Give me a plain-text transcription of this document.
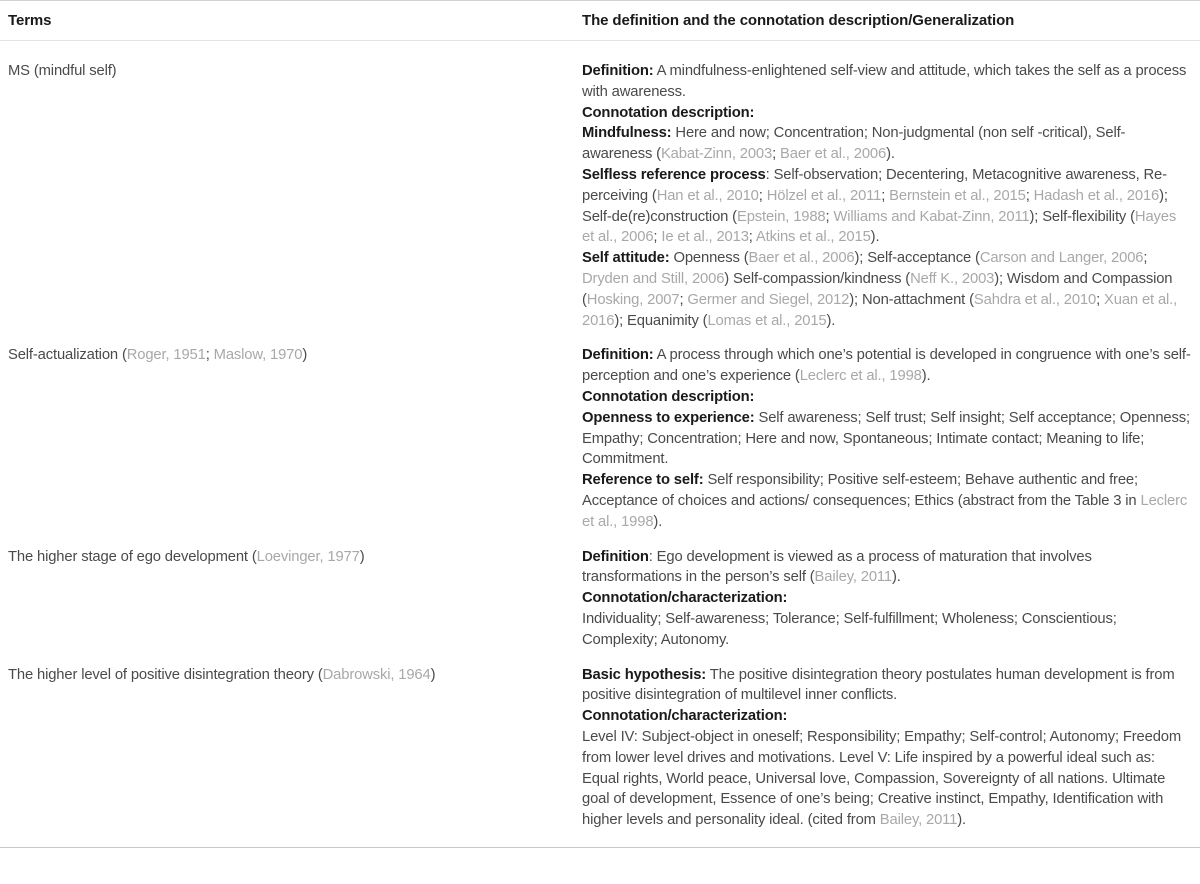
Terms	The definition and the connotation description/Generalization
MS (mindful self)	Definition: A mindfulness-enlightened self-view and attitude, which takes the self as a process with awareness.
Connotation description:
Mindfulness: Here and now; Concentration; Non-judgmental (non self -critical), Self-awareness (Kabat-Zinn, 2003; Baer et al., 2006).
Selfless reference process: Self-observation; Decentering, Metacognitive awareness, Re-perceiving (Han et al., 2010; Hölzel et al., 2011; Bernstein et al., 2015; Hadash et al., 2016); Self-de(re)construction (Epstein, 1988; Williams and Kabat-Zinn, 2011); Self-flexibility (Hayes et al., 2006; Ie et al., 2013; Atkins et al., 2015).
Self attitude: Openness (Baer et al., 2006); Self-acceptance (Carson and Langer, 2006; Dryden and Still, 2006) Self-compassion/kindness (Neff K., 2003); Wisdom and Compassion (Hosking, 2007; Germer and Siegel, 2012); Non-attachment (Sahdra et al., 2010; Xuan et al., 2016); Equanimity (Lomas et al., 2015).
Self-actualization (Roger, 1951; Maslow, 1970)	Definition: A process through which one’s potential is developed in congruence with one’s self-perception and one’s experience (Leclerc et al., 1998).
Connotation description:
Openness to experience: Self awareness; Self trust; Self insight; Self acceptance; Openness; Empathy; Concentration; Here and now, Spontaneous; Intimate contact; Meaning to life; Commitment.
Reference to self: Self responsibility; Positive self-esteem; Behave authentic and free; Acceptance of choices and actions/ consequences; Ethics (abstract from the Table 3 in Leclerc et al., 1998).
The higher stage of ego development (Loevinger, 1977)	Definition: Ego development is viewed as a process of maturation that involves transformations in the person’s self (Bailey, 2011).
Connotation/characterization:
Individuality; Self-awareness; Tolerance; Self-fulfillment; Wholeness; Conscientious; Complexity; Autonomy.
The higher level of positive disintegration theory (Dabrowski, 1964)	Basic hypothesis: The positive disintegration theory postulates human development is from positive disintegration of multilevel inner conflicts.
Connotation/characterization:
Level IV: Subject-object in oneself; Responsibility; Empathy; Self-control; Autonomy; Freedom from lower level drives and motivations. Level V: Life inspired by a powerful ideal such as: Equal rights, World peace, Universal love, Compassion, Sovereignty of all nations. Ultimate goal of development, Essence of one’s being; Creative instinct, Empathy, Identification with higher levels and personality ideal. (cited from Bailey, 2011).
